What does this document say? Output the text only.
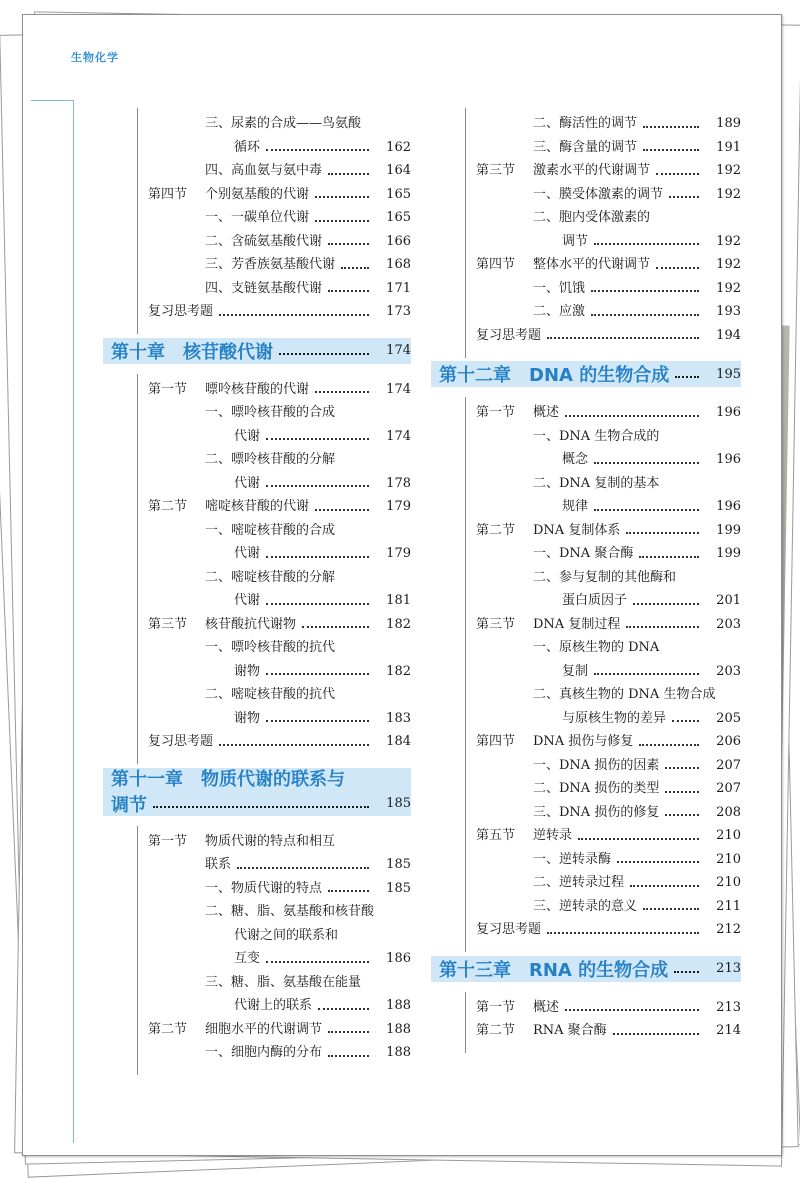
生物化学
三、尿素的合成——鸟氨酸
循环	162
四、高血氨与氨中毒	164
第四节 个别氨基酸的代谢	165
一、一碳单位代谢	165
二、含硫氨基酸代谢	166
三、芳香族氨基酸代谢	168
四、支链氨基酸代谢	171
复习思考题	173
第十章　核苷酸代谢	174
第一节 嘌呤核苷酸的代谢	174
一、嘌呤核苷酸的合成
代谢	174
二、嘌呤核苷酸的分解
代谢	178
第二节 嘧啶核苷酸的代谢	179
一、嘧啶核苷酸的合成
代谢	179
二、嘧啶核苷酸的分解
代谢	181
第三节 核苷酸抗代谢物	182
一、嘌呤核苷酸的抗代
谢物	182
二、嘧啶核苷酸的抗代
谢物	183
复习思考题	184
第十一章　物质代谢的联系与
调节	185
第一节 物质代谢的特点和相互
联系	185
一、物质代谢的特点	185
二、糖、脂、氨基酸和核苷酸
代谢之间的联系和
互变	186
三、糖、脂、氨基酸在能量
代谢上的联系	188
第二节 细胞水平的代谢调节	188
一、细胞内酶的分布	188
二、酶活性的调节	189
三、酶含量的调节	191
第三节 激素水平的代谢调节	192
一、膜受体激素的调节	192
二、胞内受体激素的
调节	192
第四节 整体水平的代谢调节	192
一、饥饿	192
二、应激	193
复习思考题	194
第十二章　DNA 的生物合成	195
第一节 概述	196
一、DNA 生物合成的
概念	196
二、DNA 复制的基本
规律	196
第二节 DNA 复制体系	199
一、DNA 聚合酶	199
二、参与复制的其他酶和
蛋白质因子	201
第三节 DNA 复制过程	203
一、原核生物的 DNA
复制	203
二、真核生物的 DNA 生物合成
与原核生物的差异	205
第四节 DNA 损伤与修复	206
一、DNA 损伤的因素	207
二、DNA 损伤的类型	207
三、DNA 损伤的修复	208
第五节 逆转录	210
一、逆转录酶	210
二、逆转录过程	210
三、逆转录的意义	211
复习思考题	212
第十三章　RNA 的生物合成	213
第一节 概述	213
第二节 RNA 聚合酶	214
